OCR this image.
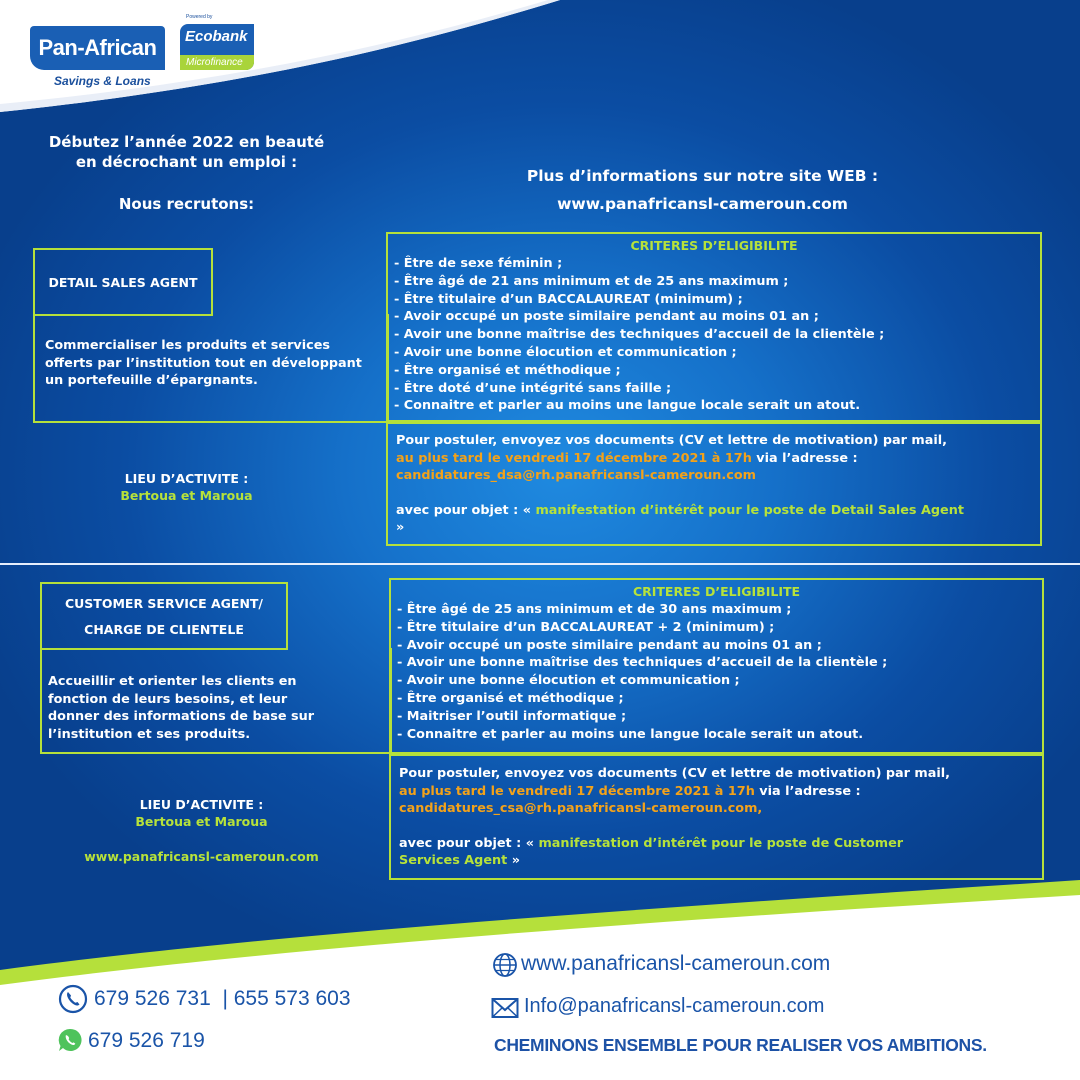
Pan-African
Savings & Loans
Powered by
Ecobank
Microfinance
Débutez l’année 2022 en beauté
en décrochant un emploi :
Nous recrutons:
Plus d’informations sur notre site WEB :
www.panafricansl-cameroun.com
DETAIL SALES AGENT
Commercialiser les produits et services offerts par l’institution tout en développant un portefeuille d’épargnants.
CRITERES D’ELIGIBILITE
- Être de sexe féminin ;
- Être âgé de 21 ans minimum et de 25 ans maximum ;
- Être titulaire d’un BACCALAUREAT (minimum) ;
- Avoir occupé un poste similaire pendant au moins 01 an ;
- Avoir une bonne maîtrise des techniques d’accueil de la clientèle ;
- Avoir une bonne élocution et communication ;
- Être organisé et méthodique ;
- Être doté d’une intégrité sans faille ;
- Connaitre et parler au moins une langue locale serait un atout.
LIEU D’ACTIVITE :
Bertoua et Maroua
Pour postuler, envoyez vos documents (CV et lettre de motivation) par mail, au plus tard le vendredi 17 décembre 2021 à 17h via l’adresse :
candidatures_dsa@rh.panafricansl-cameroun.com
avec pour objet : « manifestation d’intérêt pour le poste de Detail Sales Agent »
CUSTOMER SERVICE AGENT/
CHARGE DE CLIENTELE
Accueillir et orienter les clients en fonction de leurs besoins, et leur donner des informations de base sur l’institution et ses produits.
CRITERES D’ELIGIBILITE
- Être âgé de 25 ans minimum et de 30 ans maximum ;
- Être titulaire d’un BACCALAUREAT + 2 (minimum) ;
- Avoir occupé un poste similaire pendant au moins 01 an ;
- Avoir une bonne maîtrise des techniques d’accueil de la clientèle ;
- Avoir une bonne élocution et communication ;
- Être organisé et méthodique ;
- Maitriser l’outil informatique ;
- Connaitre et parler au moins une langue locale serait un atout.
LIEU D’ACTIVITE :
Bertoua et Maroua
www.panafricansl-cameroun.com
Pour postuler, envoyez vos documents (CV et lettre de motivation) par mail, au plus tard le vendredi 17 décembre 2021 à 17h via l’adresse :
candidatures_csa@rh.panafricansl-cameroun.com,
avec pour objet : « manifestation d’intérêt pour le poste de Customer Services Agent »
679 526 731  | 655 573 603
679 526 719
www.panafricansl-cameroun.com
Info@panafricansl-cameroun.com
CHEMINONS ENSEMBLE POUR REALISER VOS AMBITIONS.
